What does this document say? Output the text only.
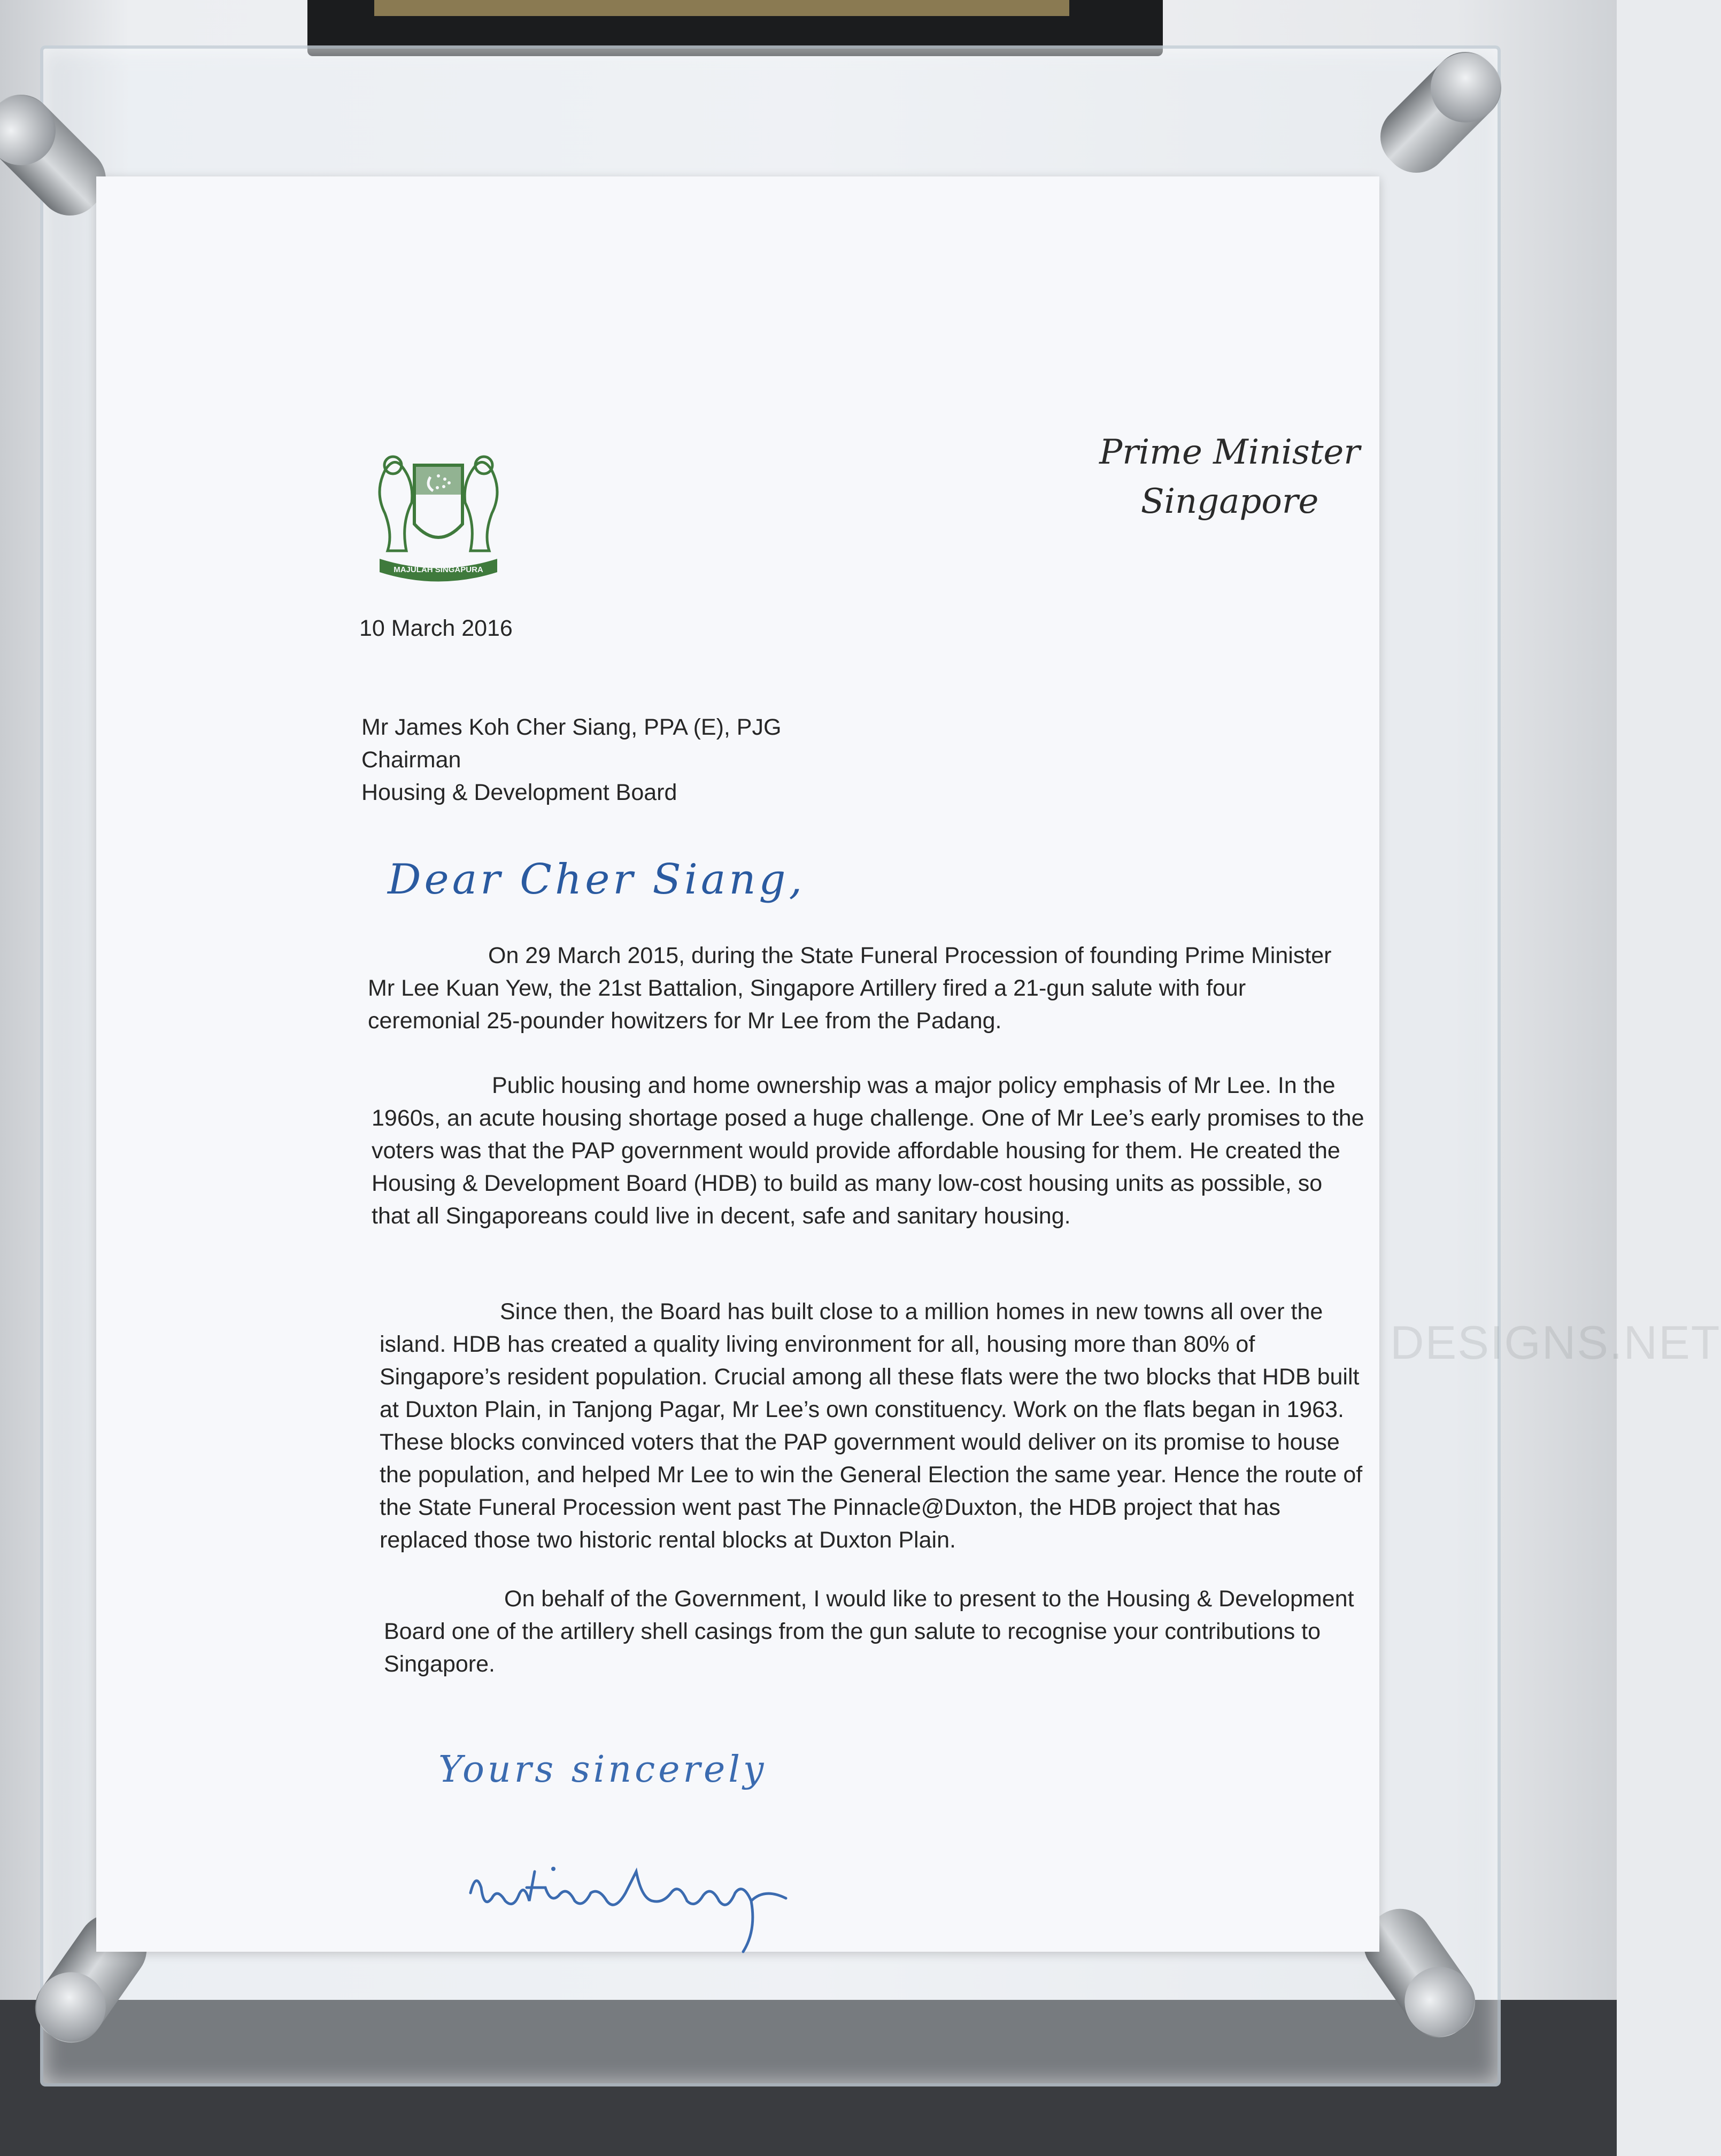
MAJULAH SINGAPURA
Prime Minister
Singapore
10 March 2016
Mr James Koh Cher Siang, PPA (E), PJG
Chairman
Housing & Development Board
Dear Cher Siang,
On 29 March 2015, during the State Funeral Procession of founding Prime Minister Mr Lee Kuan Yew, the 21st Battalion, Singapore Artillery fired a 21-gun salute with four ceremonial 25-pounder howitzers for Mr Lee from the Padang.
Public housing and home ownership was a major policy emphasis of Mr Lee. In the 1960s, an acute housing shortage posed a huge challenge. One of Mr Lee’s early promises to the voters was that the PAP government would provide affordable housing for them. He created the Housing & Development Board (HDB) to build as many low-cost housing units as possible, so that all Singaporeans could live in decent, safe and sanitary housing.
Since then, the Board has built close to a million homes in new towns all over the island. HDB has created a quality living environment for all, housing more than 80% of Singapore’s resident population. Crucial among all these flats were the two blocks that HDB built at Duxton Plain, in Tanjong Pagar, Mr Lee’s own constituency. Work on the flats began in 1963. These blocks convinced voters that the PAP government would deliver on its promise to house the population, and helped Mr Lee to win the General Election the same year. Hence the route of the State Funeral Procession went past The Pinnacle@Duxton, the HDB project that has replaced those two historic rental blocks at Duxton Plain.
On behalf of the Government, I would like to present to the Housing & Development Board one of the artillery shell casings from the gun salute to recognise your contributions to Singapore.
Yours sincerely
DESIGNS.NET
